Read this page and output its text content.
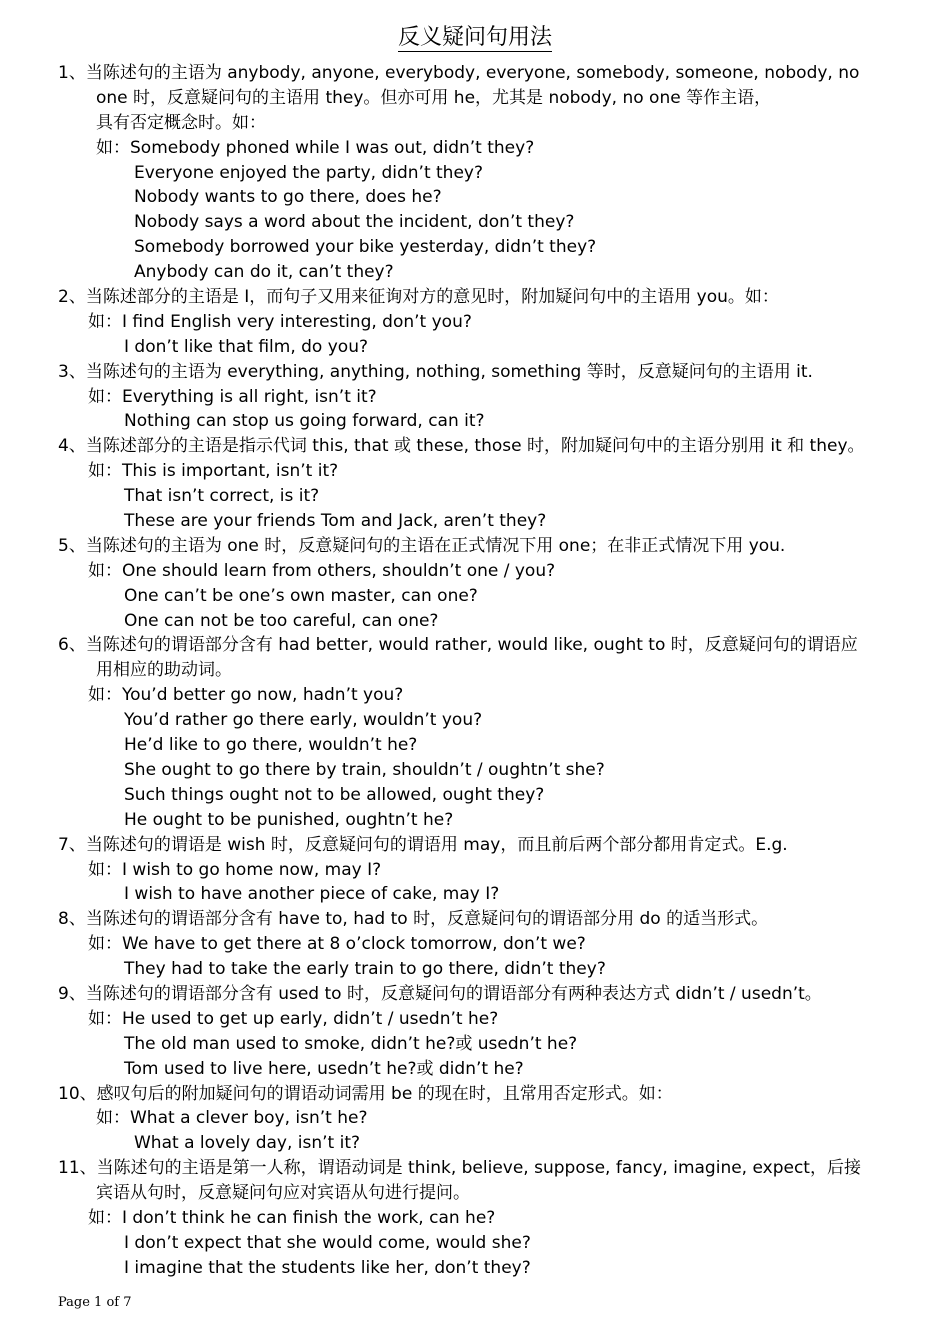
反义疑问句用法
1、当陈述句的主语为 anybody, anyone, everybody, everyone, somebody, someone, nobody, no
one 时，反意疑问句的主语用 they。但亦可用 he，尤其是 nobody, no one 等作主语，
具有否定概念时。如：
如：Somebody phoned while I was out, didn’t they?
Everyone enjoyed the party, didn’t they?
Nobody wants to go there, does he?
Nobody says a word about the incident, don’t they?
Somebody borrowed your bike yesterday, didn’t they?
Anybody can do it, can’t they?
2、当陈述部分的主语是 I，而句子又用来征询对方的意见时，附加疑问句中的主语用 you。如：
如：I find English very interesting, don’t you?
I don’t like that film, do you?
3、当陈述句的主语为 everything, anything, nothing, something 等时，反意疑问句的主语用 it.
如：Everything is all right, isn’t it?
Nothing can stop us going forward, can it?
4、当陈述部分的主语是指示代词 this, that 或 these, those 时，附加疑问句中的主语分别用 it 和 they。
如：This is important, isn’t it?
That isn’t correct, is it?
These are your friends Tom and Jack, aren’t they?
5、当陈述句的主语为 one 时，反意疑问句的主语在正式情况下用 one；在非正式情况下用 you.
如：One should learn from others, shouldn’t one / you?
One can’t be one’s own master, can one?
One can not be too careful, can one?
6、当陈述句的谓语部分含有 had better, would rather, would like, ought to 时，反意疑问句的谓语应
用相应的助动词。
如：You’d better go now, hadn’t you?
You’d rather go there early, wouldn’t you?
He’d like to go there, wouldn’t he?
She ought to go there by train, shouldn’t / oughtn’t she?
Such things ought not to be allowed, ought they?
He ought to be punished, oughtn’t he?
7、当陈述句的谓语是 wish 时，反意疑问句的谓语用 may，而且前后两个部分都用肯定式。E.g.
如：I wish to go home now, may I?
I wish to have another piece of cake, may I?
8、当陈述句的谓语部分含有 have to, had to 时，反意疑问句的谓语部分用 do 的适当形式。
如：We have to get there at 8 o’clock tomorrow, don’t we?
They had to take the early train to go there, didn’t they?
9、当陈述句的谓语部分含有 used to 时，反意疑问句的谓语部分有两种表达方式 didn’t / usedn’t。
如：He used to get up early, didn’t / usedn’t he?
The old man used to smoke, didn’t he?或 usedn’t he?
Tom used to live here, usedn’t he?或 didn’t he?
10、感叹句后的附加疑问句的谓语动词需用 be 的现在时，且常用否定形式。如：
如：What a clever boy, isn’t he?
What a lovely day, isn’t it?
11、当陈述句的主语是第一人称，谓语动词是 think, believe, suppose, fancy, imagine, expect，后接
宾语从句时，反意疑问句应对宾语从句进行提问。
如：I don’t think he can finish the work, can he?
I don’t expect that she would come, would she?
I imagine that the students like her, don’t they?
Page 1 of 7
